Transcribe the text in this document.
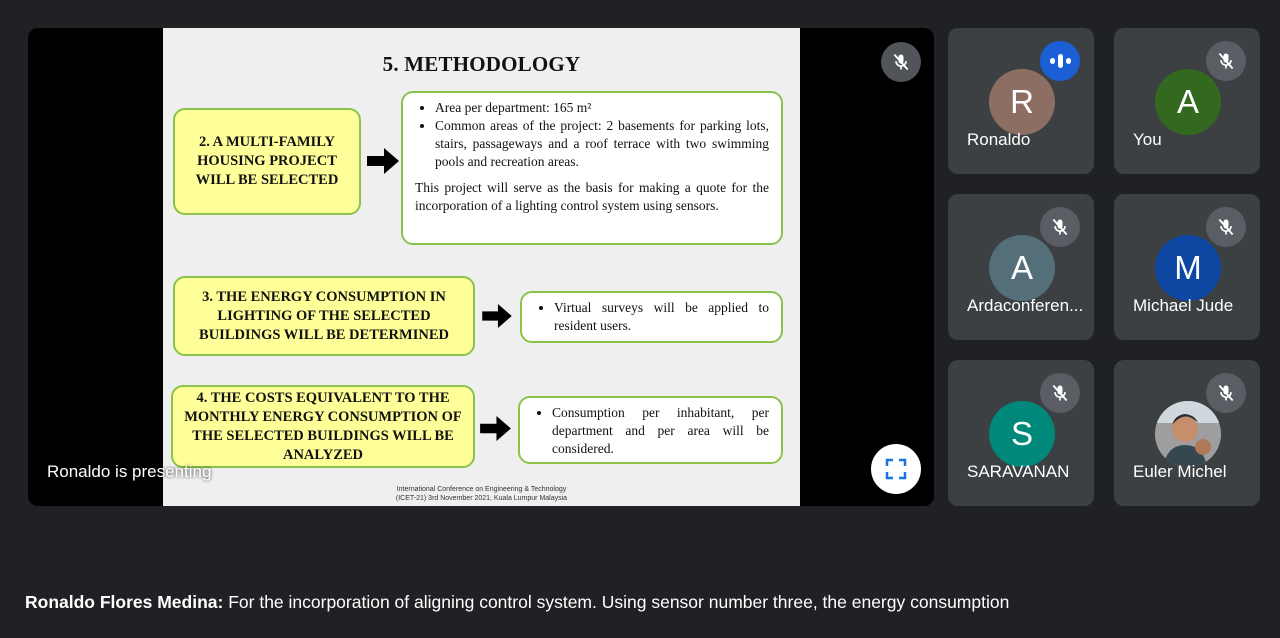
5. METHODOLOGY
2. A MULTI-FAMILY HOUSING PROJECT WILL BE SELECTED
• Area per department: 165 m²
• Common areas of the project: 2 basements for parking lots, stairs, passageways and a roof terrace with two swimming pools and recreation areas.

This project will serve as the basis for making a quote for the incorporation of a lighting control system using sensors.

3. THE ENERGY CONSUMPTION IN LIGHTING OF THE SELECTED BUILDINGS WILL BE DETERMINED
• Virtual surveys will be applied to resident users.
4. THE COSTS EQUIVALENT TO THE MONTHLY ENERGY CONSUMPTION OF THE SELECTED BUILDINGS WILL BE ANALYZED
• Consumption per inhabitant, per department and per area will be considered.
International Conference on Engineering & Technology
(ICET-21) 3rd November 2021, Kuala Lumpur Malaysia
Ronaldo is presenting
R
Ronaldo
A
You
A
Ardaconferen...
M
Michael Jude
S
SARAVANAN	Euler Michel
Ronaldo Flores Medina: For the incorporation of aligning control system. Using sensor number three, the energy consumption
